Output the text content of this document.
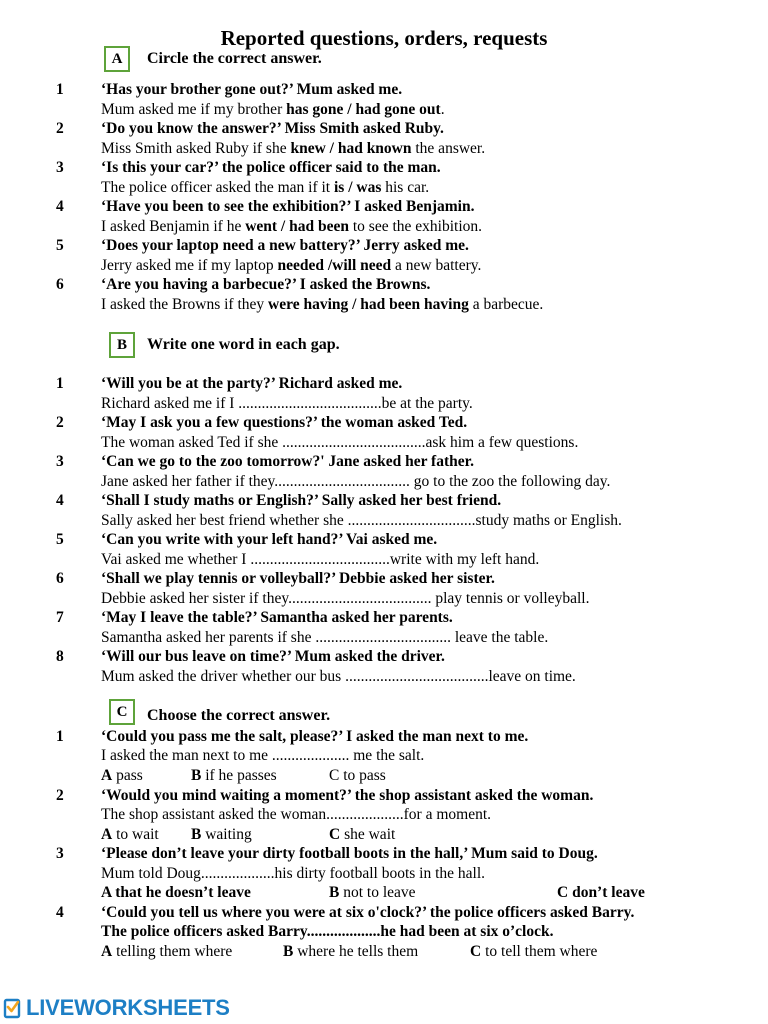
Reported questions, orders, requests
A	Circle the correct answer.
1 ‘Has your brother gone out?’ Mum asked me.
Mum asked me if my brother has gone / had gone out.
2 ‘Do you know the answer?’ Miss Smith asked Ruby.
Miss Smith asked Ruby if she knew / had known the answer.
3 ‘Is this your car?’ the police officer said to the man.
The police officer asked the man if it is / was his car.
4 ‘Have you been to see the exhibition?’ I asked Benjamin.
I asked Benjamin if he went / had been to see the exhibition.
5 ‘Does your laptop need a new battery?’ Jerry asked me.
Jerry asked me if my laptop needed /will need a new battery.
6 ‘Are you having a barbecue?’ I asked the Browns.
I asked the Browns if they were having / had been having a barbecue.
B	Write one word in each gap.
1 ‘Will you be at the party?’ Richard asked me.
Richard asked me if I .....................................be at the party.
2 ‘May I ask you a few questions?’ the woman asked Ted.
The woman asked Ted if she .....................................ask him a few questions.
3 ‘Can we go to the zoo tomorrow?' Jane asked her father.
Jane asked her father if they................................... go to the zoo the following day.
4 ‘Shall I study maths or English?’ Sally asked her best friend.
Sally asked her best friend whether she .................................study maths or English.
5 ‘Can you write with your left hand?’ Vai asked me.
Vai asked me whether I ....................................write with my left hand.
6 ‘Shall we play tennis or volleyball?’ Debbie asked her sister.
Debbie asked her sister if they..................................... play tennis or volleyball.
7 ‘May I leave the table?’ Samantha asked her parents.
Samantha asked her parents if she ................................... leave the table.
8 ‘Will our bus leave on time?’ Mum asked the driver.
Mum asked the driver whether our bus .....................................leave on time.
C	Choose the correct answer.
1 ‘Could you pass me the salt, please?’ I asked the man next to me.
I asked the man next to me .................... me the salt.
A pass	B if he passes	C to pass
2 ‘Would you mind waiting a moment?’ the shop assistant asked the woman.
The shop assistant asked the woman....................for a moment.
A to wait B waiting	C she wait
3 ‘Please don’t leave your dirty football boots in the hall,’ Mum said to Doug.
Mum told Doug...................his dirty football boots in the hall.
A that he doesn’t leave	B not to leave	C don’t leave
4 ‘Could you tell us where you were at six o'clock?’ the police officers asked Barry.
The police officers asked Barry...................he had been at six o’clock.
A telling them where	B where he tells them	C to tell them where
LIVEWORKSHEETS
